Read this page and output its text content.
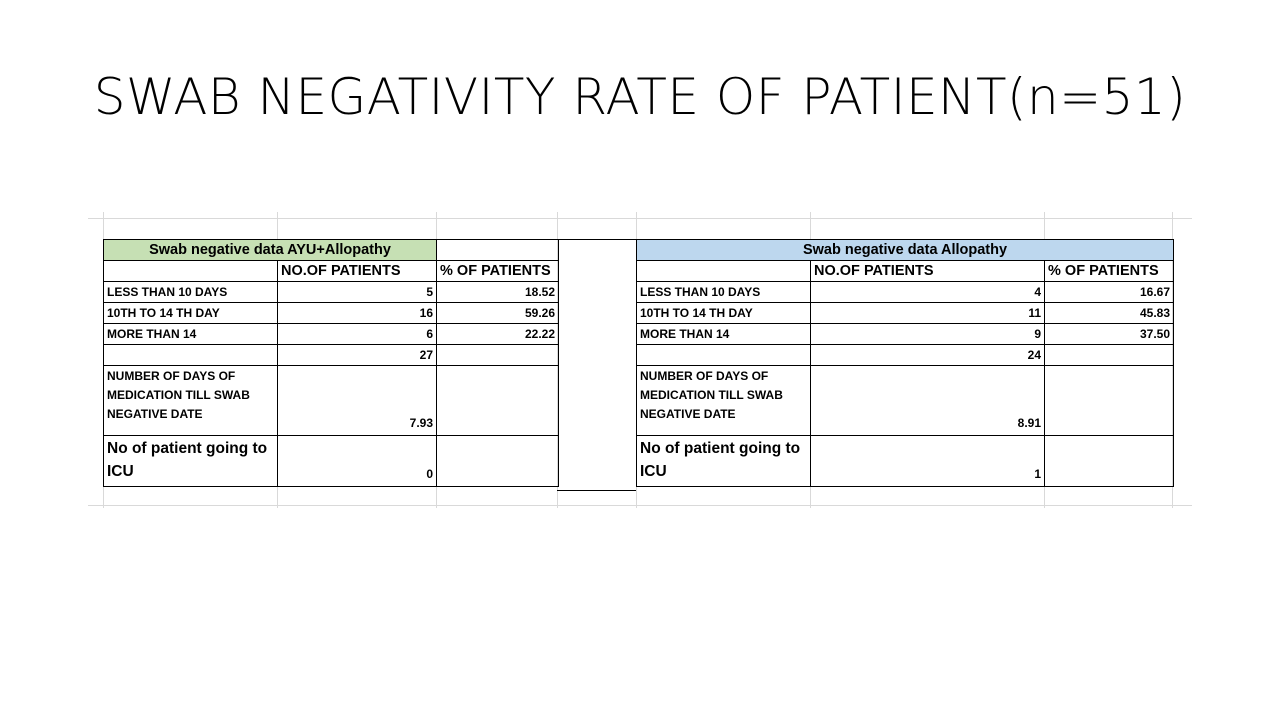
SWAB NEGATIVITY RATE OF PATIENT(n=51)
Swab negative data AYU+Allopathy		
	NO.OF PATIENTS	% OF PATIENTS
LESS THAN 10 DAYS	5	18.52
10TH TO 14 TH DAY	16	59.26
MORE THAN 14	6	22.22
	27	
NUMBER OF DAYS OF MEDICATION TILL SWAB NEGATIVE DATE	7.93	
No of patient going to ICU	0	
Swab negative data Allopathy		
	NO.OF PATIENTS	% OF PATIENTS
LESS THAN 10 DAYS	4	16.67
10TH TO 14 TH DAY	11	45.83
MORE THAN 14	9	37.50
	24	
NUMBER OF DAYS OF MEDICATION TILL SWAB NEGATIVE DATE	8.91	
No of patient going to ICU	1	
